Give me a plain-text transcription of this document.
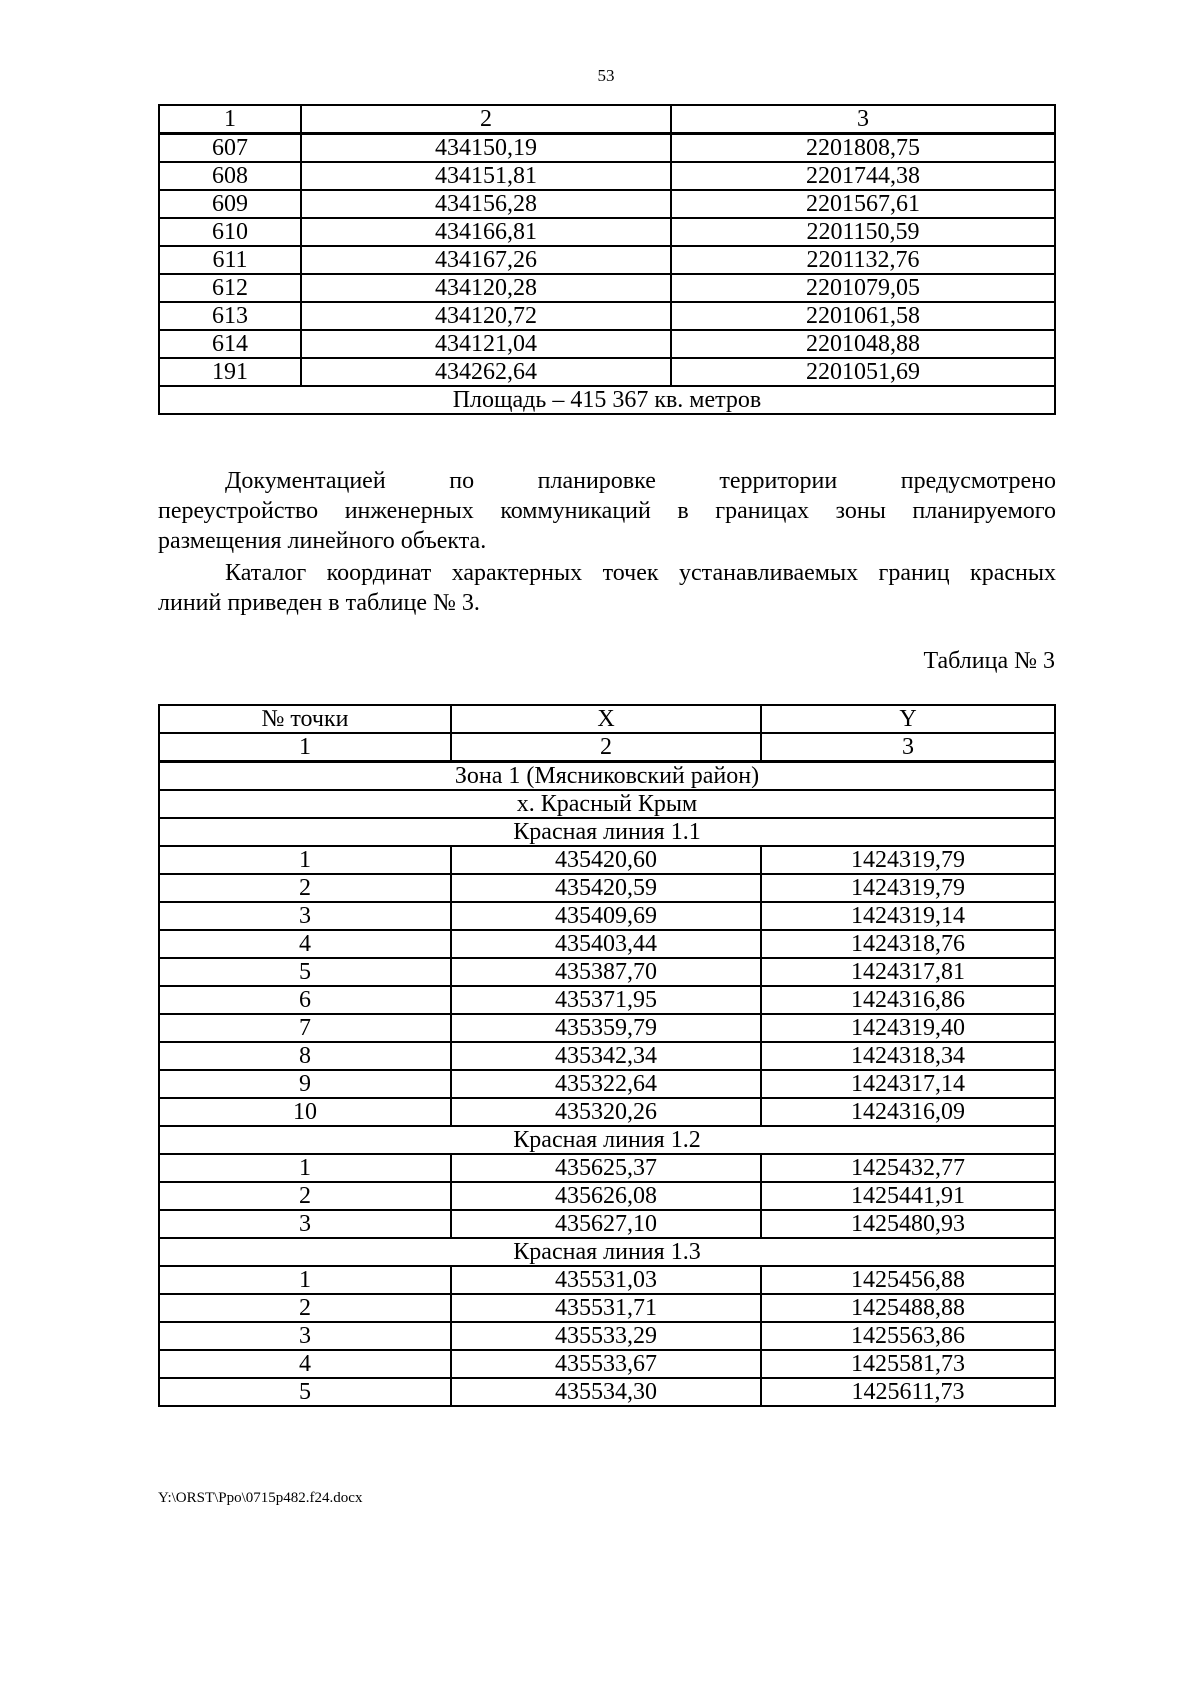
53
1	2	3
607	434150,19	2201808,75
608	434151,81	2201744,38
609	434156,28	2201567,61
610	434166,81	2201150,59
611	434167,26	2201132,76
612	434120,28	2201079,05
613	434120,72	2201061,58
614	434121,04	2201048,88
191	434262,64	2201051,69
Площадь – 415 367 кв. метров		
Документацией по планировке территории предусмотрено
переустройство инженерных коммуникаций в границах зоны планируемого
размещения линейного объекта.
Каталог координат характерных точек устанавливаемых границ красных
линий приведен в таблице № 3.
Таблица № 3
№ точки	X	Y
1	2	3
Зона 1 (Мясниковский район)		
х. Красный Крым		
Красная линия 1.1		
1	435420,60	1424319,79
2	435420,59	1424319,79
3	435409,69	1424319,14
4	435403,44	1424318,76
5	435387,70	1424317,81
6	435371,95	1424316,86
7	435359,79	1424319,40
8	435342,34	1424318,34
9	435322,64	1424317,14
10	435320,26	1424316,09
Красная линия 1.2		
1	435625,37	1425432,77
2	435626,08	1425441,91
3	435627,10	1425480,93
Красная линия 1.3		
1	435531,03	1425456,88
2	435531,71	1425488,88
3	435533,29	1425563,86
4	435533,67	1425581,73
5	435534,30	1425611,73
Y:\ORST\Ppo\0715p482.f24.docx
